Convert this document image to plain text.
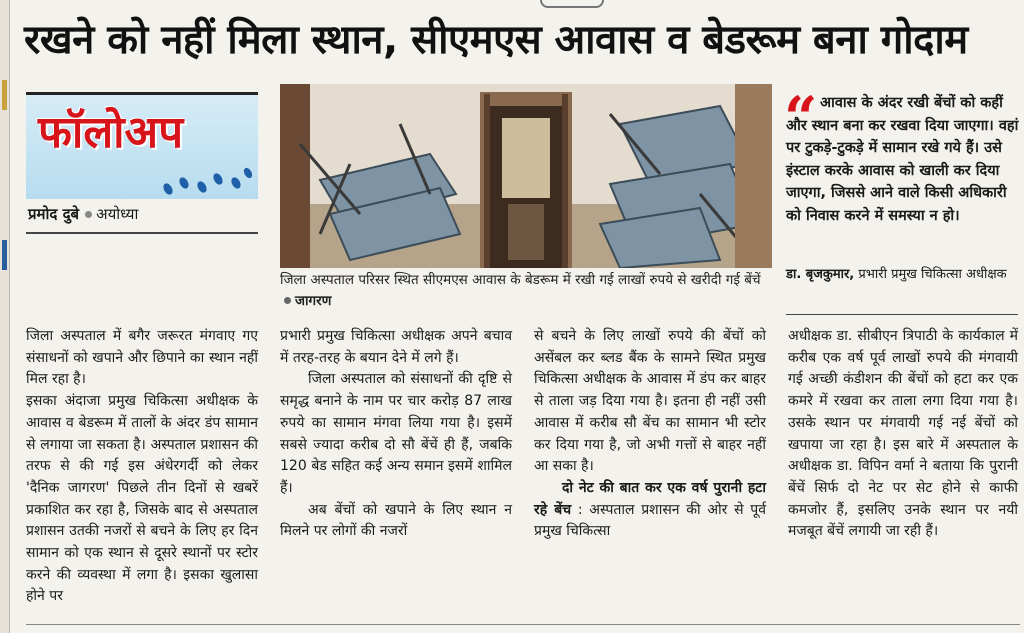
रखने को नहीं मिला स्थान, सीएमएस आवास व बेडरूम बना गोदाम
फॉलोअप
प्रमोद दुबे अयोध्या
जिला अस्पताल परिसर स्थित सीएमएस आवास के बेडरूम में रखी गई लाखों रुपये से खरीदी गई बेंचेंजागरण
“ आवास के अंदर रखी बेंचों को कहीं और स्थान बना कर रखवा दिया जाएगा। वहां पर टुकड़े-टुकड़े में सामान रखे गये हैं। उसे इंस्टाल करके आवास को खाली कर दिया जाएगा, जिससे आने वाले किसी अधिकारी को निवास करने में समस्या न हो।
डा. बृजकुमार, प्रभारी प्रमुख चिकित्सा अधीक्षक

जिला अस्पताल में बगैर जरूरत मंगवाए गए संसाधनों को खपाने और छिपाने का स्थान नहीं मिल रहा है।

इसका अंदाजा प्रमुख चिकित्सा अधीक्षक के आवास व बेडरूम में तालों के अंदर डंप सामान से लगाया जा सकता है। अस्पताल प्रशासन की तरफ से की गई इस अंधेरगर्दी को लेकर 'दैनिक जागरण' पिछले तीन दिनों से खबरें प्रकाशित कर रहा है, जिसके बाद से अस्पताल प्रशासन उतकी नजरों से बचने के लिए हर दिन सामान को एक स्थान से दूसरे स्थानों पर स्टोर करने की व्यवस्था में लगा है। इसका खुलासा होने पर

प्रभारी प्रमुख चिकित्सा अधीक्षक अपने बचाव में तरह-तरह के बयान देने में लगे हैं।

जिला अस्पताल को संसाधनों की दृष्टि से समृद्ध बनाने के नाम पर चार करोड़ 87 लाख रुपये का सामान मंगवा लिया गया है। इसमें सबसे ज्यादा करीब दो सौ बेंचें ही हैं, जबकि 120 बेड सहित कई अन्य समान इसमें शामिल हैं।

अब बेंचों को खपाने के लिए स्थान न मिलने पर लोगों की नजरों

से बचने के लिए लाखों रुपये की बेंचों को असेंबल कर ब्लड बैंक के सामने स्थित प्रमुख चिकित्सा अधीक्षक के आवास में डंप कर बाहर से ताला जड़ दिया गया है। इतना ही नहीं उसी आवास में करीब सौ बेंच का सामान भी स्टोर कर दिया गया है, जो अभी गत्तों से बाहर नहीं आ सका है।

दो नेट की बात कर एक वर्ष पुरानी हटा रहे बेंच : अस्पताल प्रशासन की ओर से पूर्व प्रमुख चिकित्सा

अधीक्षक डा. सीबीएन त्रिपाठी के कार्यकाल में करीब एक वर्ष पूर्व लाखों रुपये की मंगवायी गई अच्छी कंडीशन की बेंचों को हटा कर एक कमरे में रखवा कर ताला लगा दिया गया है। उसके स्थान पर मंगवायी गई नई बेंचों को खपाया जा रहा है। इस बारे में अस्पताल के अधीक्षक डा. विपिन वर्मा ने बताया कि पुरानी बेंचें सिर्फ दो नेट पर सेट होने से काफी कमजोर हैं, इसलिए उनके स्थान पर नयी मजबूत बेंचें लगायी जा रही हैं।
